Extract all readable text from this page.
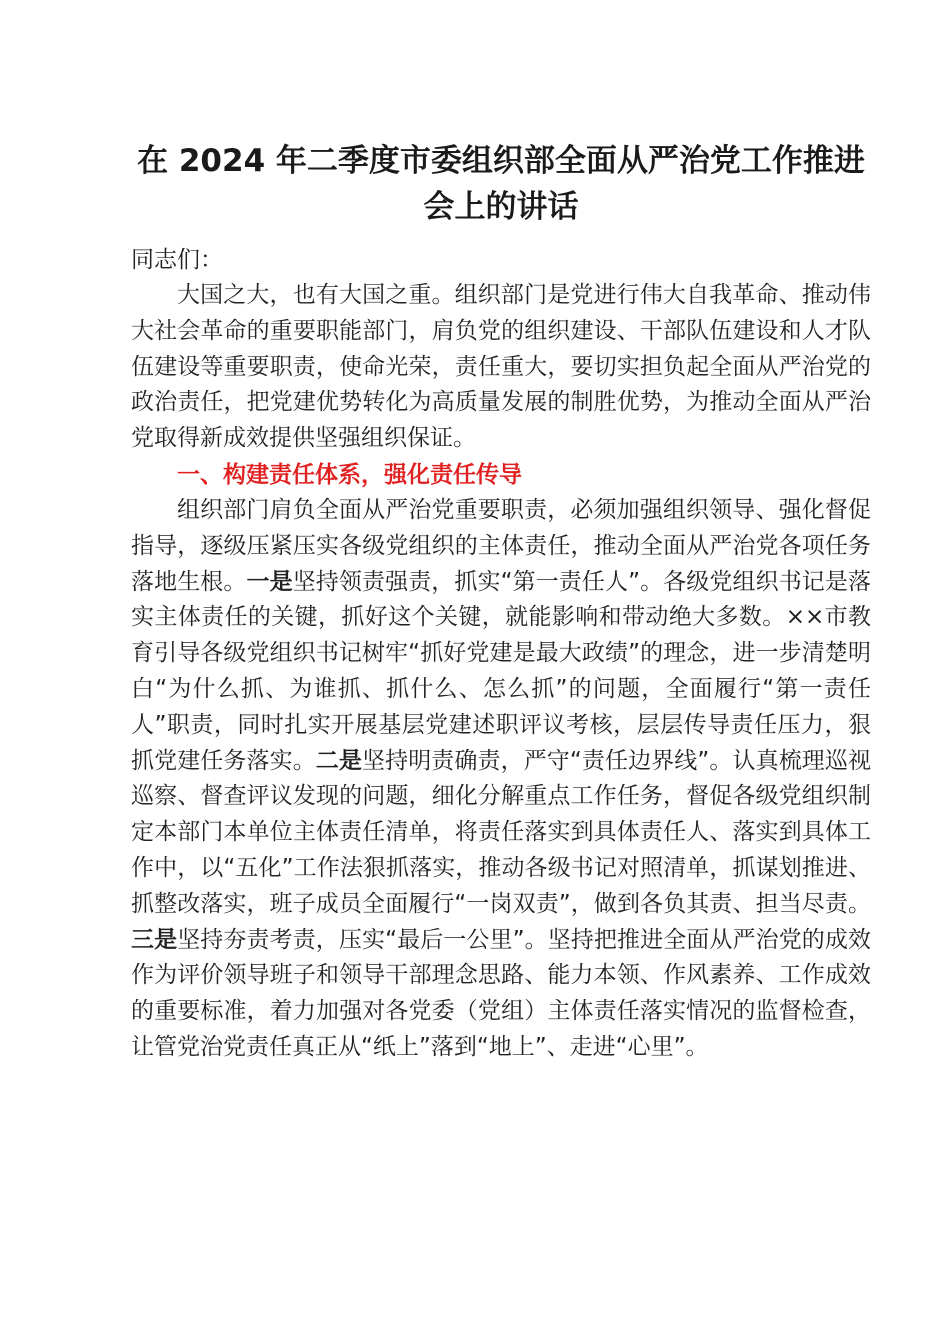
在 2024 年二季度市委组织部全面从严治党工作推进会上的讲话

同志们：

大国之大，也有大国之重。组织部门是党进行伟大自我革命、推动伟大社会革命的重要职能部门，肩负党的组织建设、干部队伍建设和人才队伍建设等重要职责，使命光荣，责任重大，要切实担负起全面从严治党的政治责任，把党建优势转化为高质量发展的制胜优势，为推动全面从严治党取得新成效提供坚强组织保证。

一、构建责任体系，强化责任传导

组织部门肩负全面从严治党重要职责，必须加强组织领导、强化督促指导，逐级压紧压实各级党组织的主体责任，推动全面从严治党各项任务落地生根。一是坚持领责强责，抓实“第一责任人”。各级党组织书记是落实主体责任的关键，抓好这个关键，就能影响和带动绝大多数。××市教育引导各级党组织书记树牢“抓好党建是最大政绩”的理念，进一步清楚明白“为什么抓、为谁抓、抓什么、怎么抓”的问题，全面履行“第一责任人”职责，同时扎实开展基层党建述职评议考核，层层传导责任压力，狠抓党建任务落实。二是坚持明责确责，严守“责任边界线”。认真梳理巡视巡察、督查评议发现的问题，细化分解重点工作任务，督促各级党组织制定本部门本单位主体责任清单，将责任落实到具体责任人、落实到具体工作中，以“五化”工作法狠抓落实，推动各级书记对照清单，抓谋划推进、抓整改落实，班子成员全面履行“一岗双责”，做到各负其责、担当尽责。三是坚持夯责考责，压实“最后一公里”。坚持把推进全面从严治党的成效作为评价领导班子和领导干部理念思路、能力本领、作风素养、工作成效的重要标准，着力加强对各党委（党组）主体责任落实情况的监督检查，让管党治党责任真正从“纸上”落到“地上”、走进“心里”。
